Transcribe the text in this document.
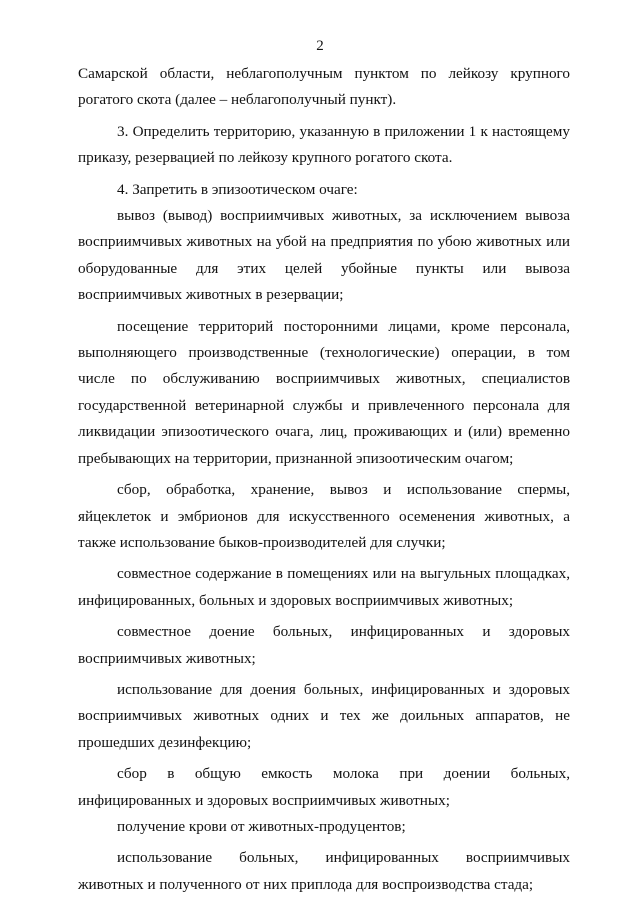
2
Самарской области, неблагополучным пунктом по лейкозу крупного
рогатого скота (далее – неблагополучный пункт).
3. Определить территорию, указанную в приложении 1 к настоящему
приказу, резервацией по лейкозу крупного рогатого скота.
4. Запретить в эпизоотическом очаге:
вывоз (вывод) восприимчивых животных, за исключением вывоза
восприимчивых животных на убой на предприятия по убою животных или
оборудованные для этих целей убойные пункты или вывоза
восприимчивых животных в резервации;
посещение территорий посторонними лицами, кроме персонала,
выполняющего производственные (технологические) операции, в том
числе по обслуживанию восприимчивых животных, специалистов
государственной ветеринарной службы и привлеченного персонала для
ликвидации эпизоотического очага, лиц, проживающих и (или) временно
пребывающих на территории, признанной эпизоотическим очагом;
сбор, обработка, хранение, вывоз и использование спермы,
яйцеклеток и эмбрионов для искусственного осеменения животных, а
также использование быков-производителей для случки;
совместное содержание в помещениях или на выгульных площадках,
инфицированных, больных и здоровых восприимчивых животных;
совместное доение больных, инфицированных и здоровых
восприимчивых животных;
использование для доения больных, инфицированных и здоровых
восприимчивых животных одних и тех же доильных аппаратов, не
прошедших дезинфекцию;
сбор в общую емкость молока при доении больных,
инфицированных и здоровых восприимчивых животных;
получение крови от животных-продуцентов;
использование больных, инфицированных восприимчивых
животных и полученного от них приплода для воспроизводства стада;
